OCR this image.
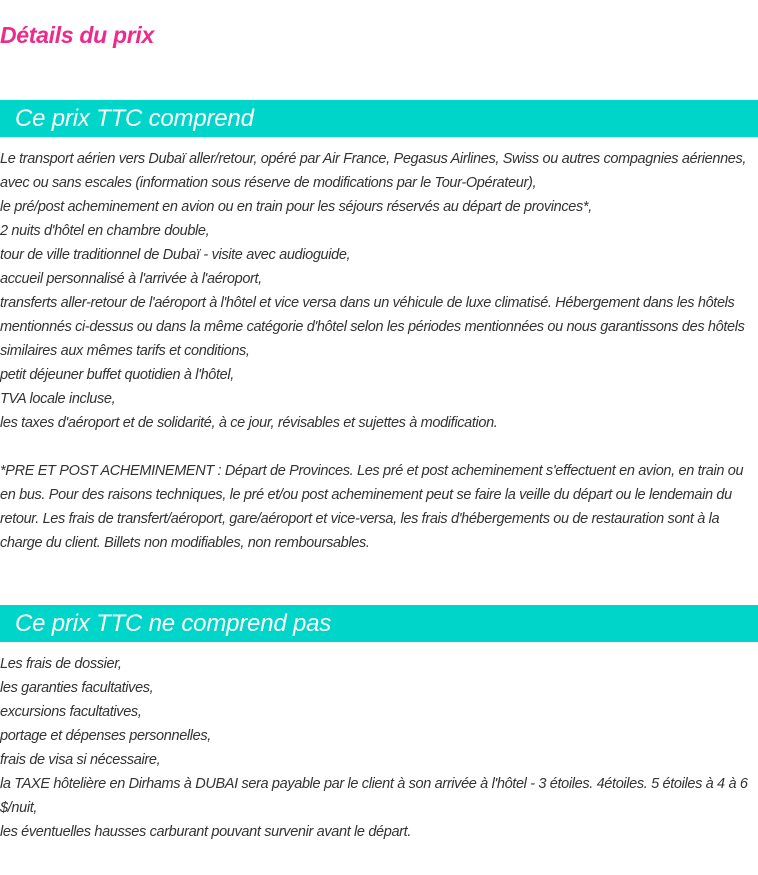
Détails du prix
Ce prix TTC comprend

Le transport aérien vers Dubaï aller/retour, opéré par Air France, Pegasus Airlines, Swiss ou autres compagnies aériennes, avec ou sans escales (information sous réserve de modifications par le Tour-Opérateur),

le pré/post acheminement en avion ou en train pour les séjours réservés au départ de provinces*,

2 nuits d'hôtel en chambre double,

tour de ville traditionnel de Dubaï - visite avec audioguide,

accueil personnalisé à l'arrivée à l'aéroport,

transferts aller-retour de l'aéroport à l'hôtel et vice versa dans un véhicule de luxe climatisé. Hébergement dans les hôtels mentionnés ci-dessus ou dans la même catégorie d'hôtel selon les périodes mentionnées ou nous garantissons des hôtels similaires aux mêmes tarifs et conditions,

petit déjeuner buffet quotidien à l'hôtel,

TVA locale incluse,

les taxes d'aéroport et de solidarité, à ce jour, révisables et sujettes à modification.

*PRE ET POST ACHEMINEMENT : Départ de Provinces. Les pré et post acheminement s'effectuent en avion, en train ou en bus. Pour des raisons techniques, le pré et/ou post acheminement peut se faire la veille du départ ou le lendemain du retour. Les frais de transfert/aéroport, gare/aéroport et vice-versa, les frais d'hébergements ou de restauration sont à la charge du client. Billets non modifiables, non remboursables.

Ce prix TTC ne comprend pas

Les frais de dossier,

les garanties facultatives,

excursions facultatives,

portage et dépenses personnelles,

frais de visa si nécessaire,

la TAXE hôtelière en Dirhams à DUBAI sera payable par le client à son arrivée à l'hôtel - 3 étoiles. 4étoiles. 5 étoiles à 4 à 6 $/nuit,

les éventuelles hausses carburant pouvant survenir avant le départ.
